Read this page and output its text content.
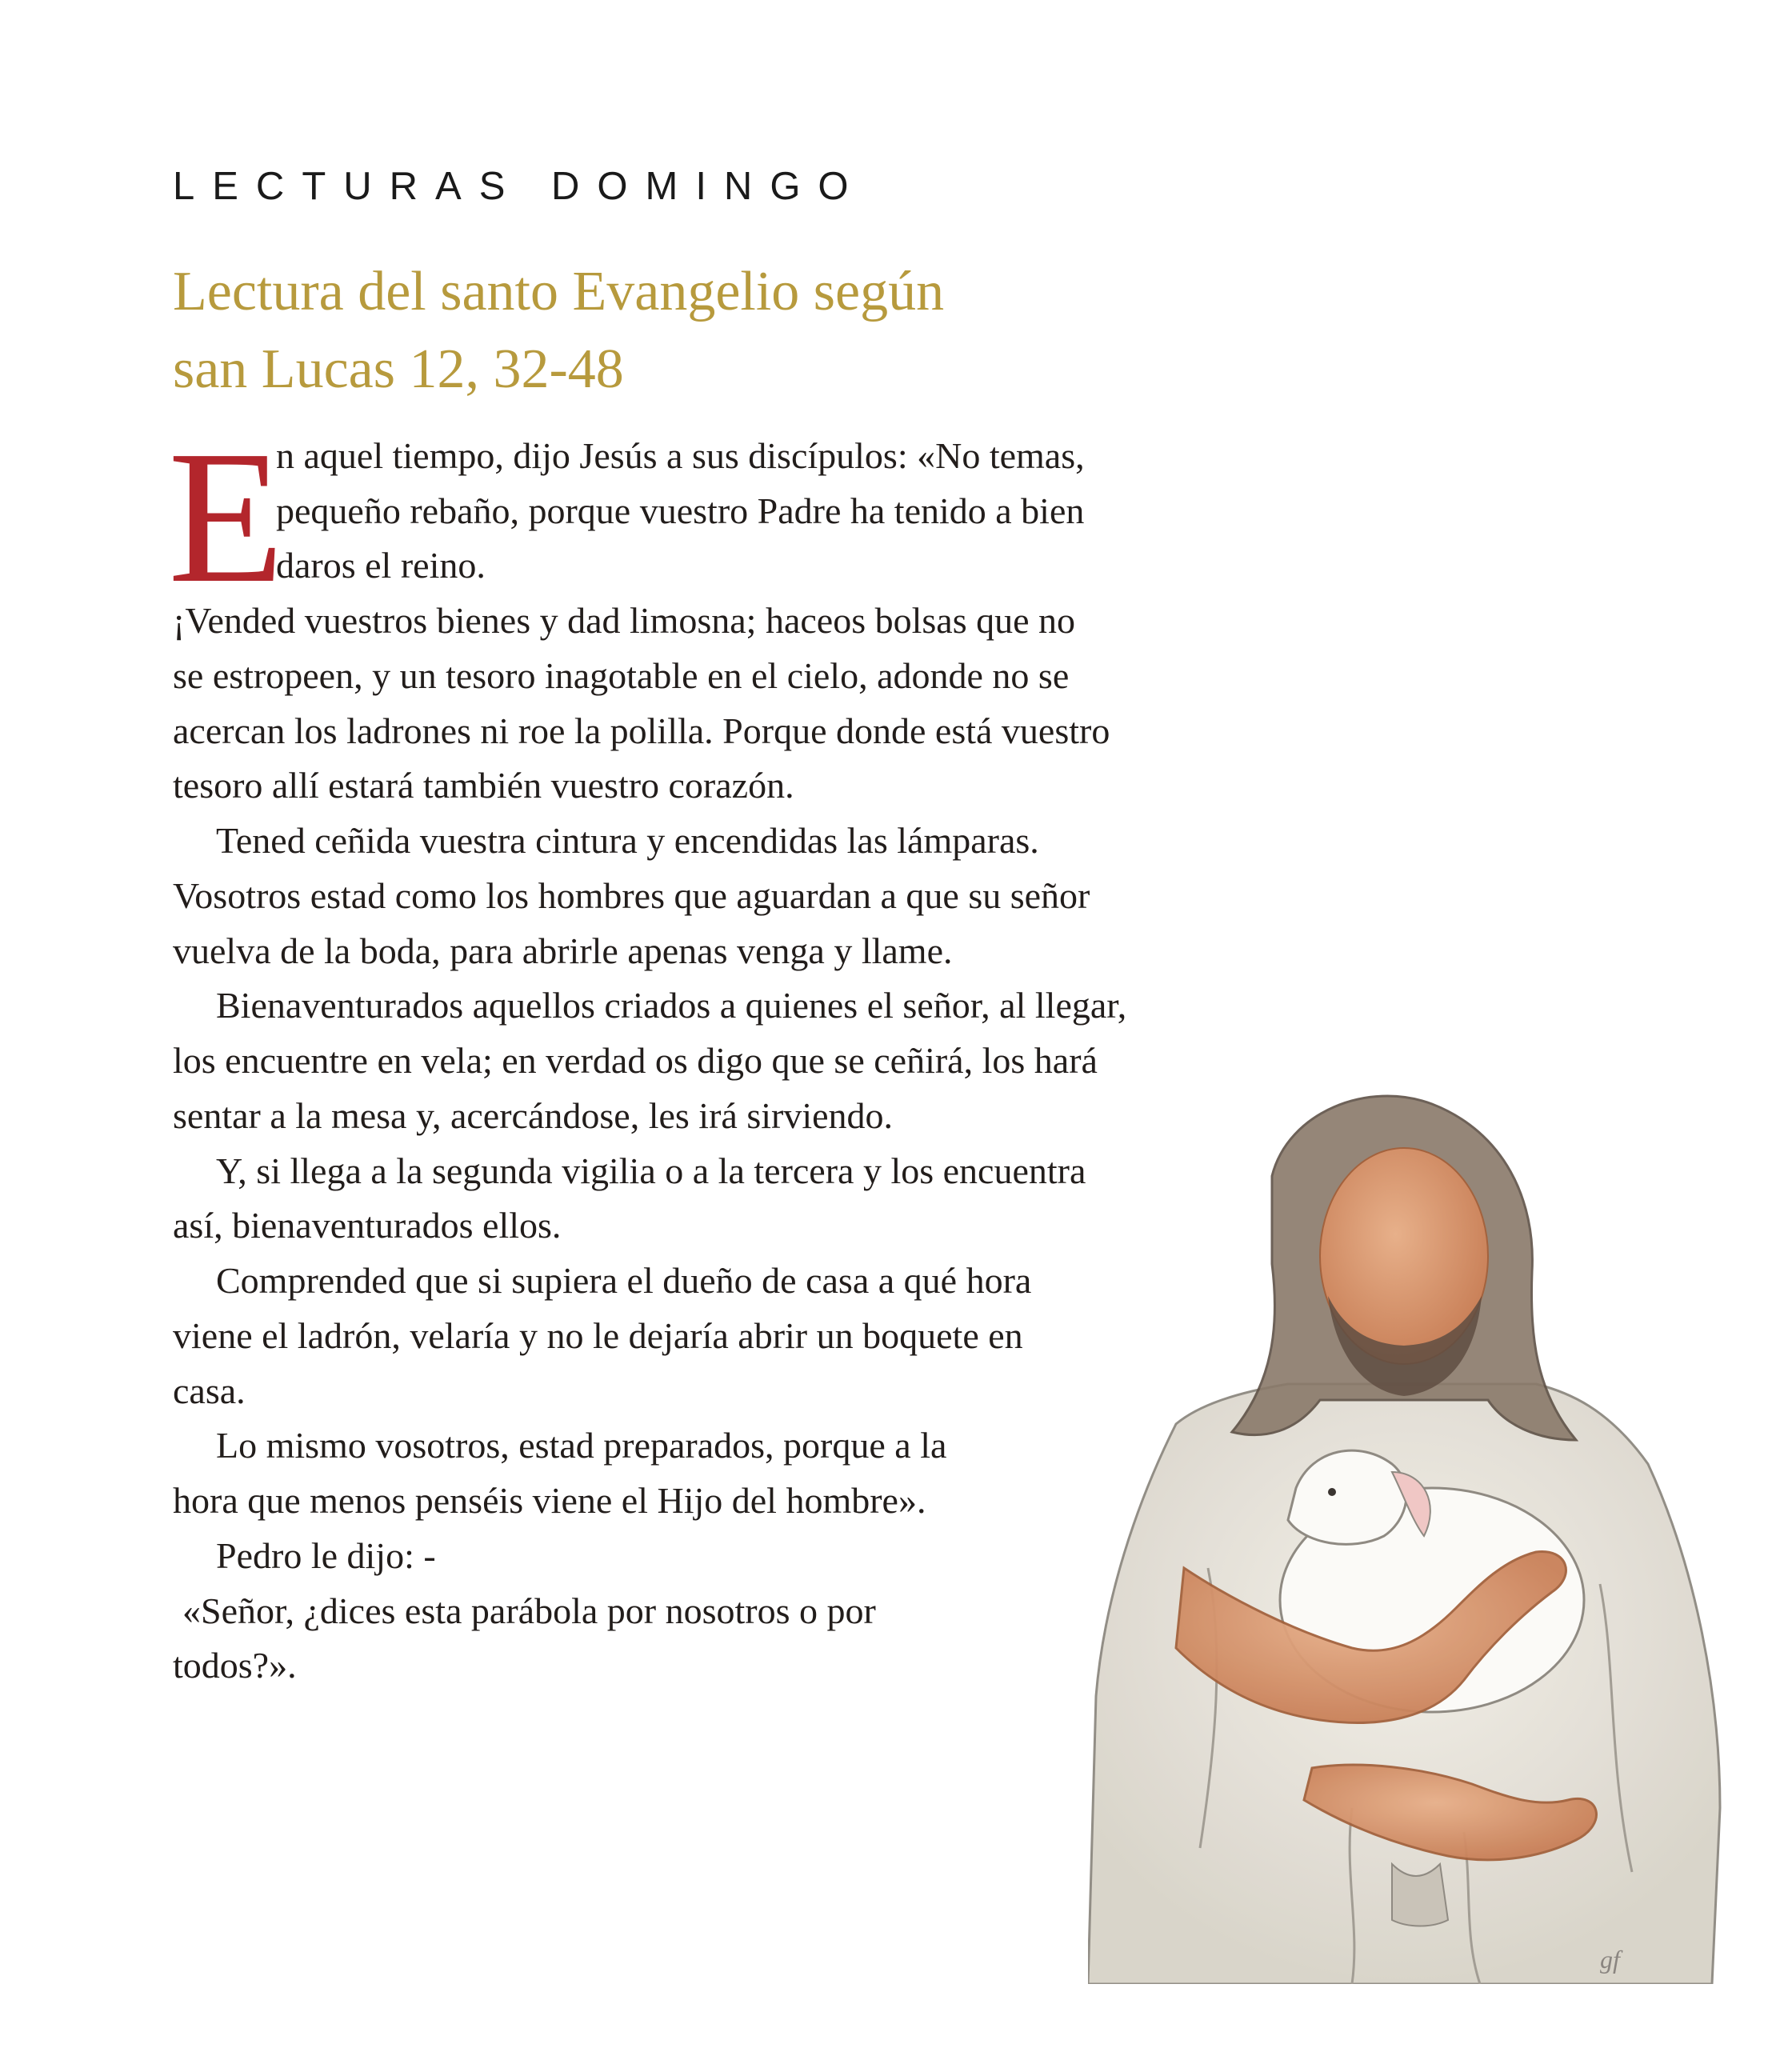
LECTURAS DOMINGO
Lectura del santo Evangelio según
san Lucas 12, 32-48
E
n aquel tiempo, dijo Jesús a sus discípulos: «No temas,
pequeño rebaño, porque vuestro Padre ha tenido a bien
daros el reino.
¡Vended vuestros bienes y dad limosna; haceos bolsas que no
se estropeen, y un tesoro inagotable en el cielo, adonde no se
acercan los ladrones ni roe la polilla. Porque donde está vuestro
tesoro allí estará también vuestro corazón.
Tened ceñida vuestra cintura y encendidas las lámparas.
Vosotros estad como los hombres que aguardan a que su señor
vuelva de la boda, para abrirle apenas venga y llame.
Bienaventurados aquellos criados a quienes el señor, al llegar,
los encuentre en vela; en verdad os digo que se ceñirá, los hará
sentar a la mesa y, acercándose, les irá sirviendo.
Y, si llega a la segunda vigilia o a la tercera y los encuentra
así, bienaventurados ellos.
Comprended que si supiera el dueño de casa a qué hora
viene el ladrón, velaría y no le dejaría abrir un boquete en
casa.
Lo mismo vosotros, estad preparados, porque a la
hora que menos penséis viene el Hijo del hombre».
Pedro le dijo: -
«Señor, ¿dices esta parábola por nosotros o por
todos?».
gf
